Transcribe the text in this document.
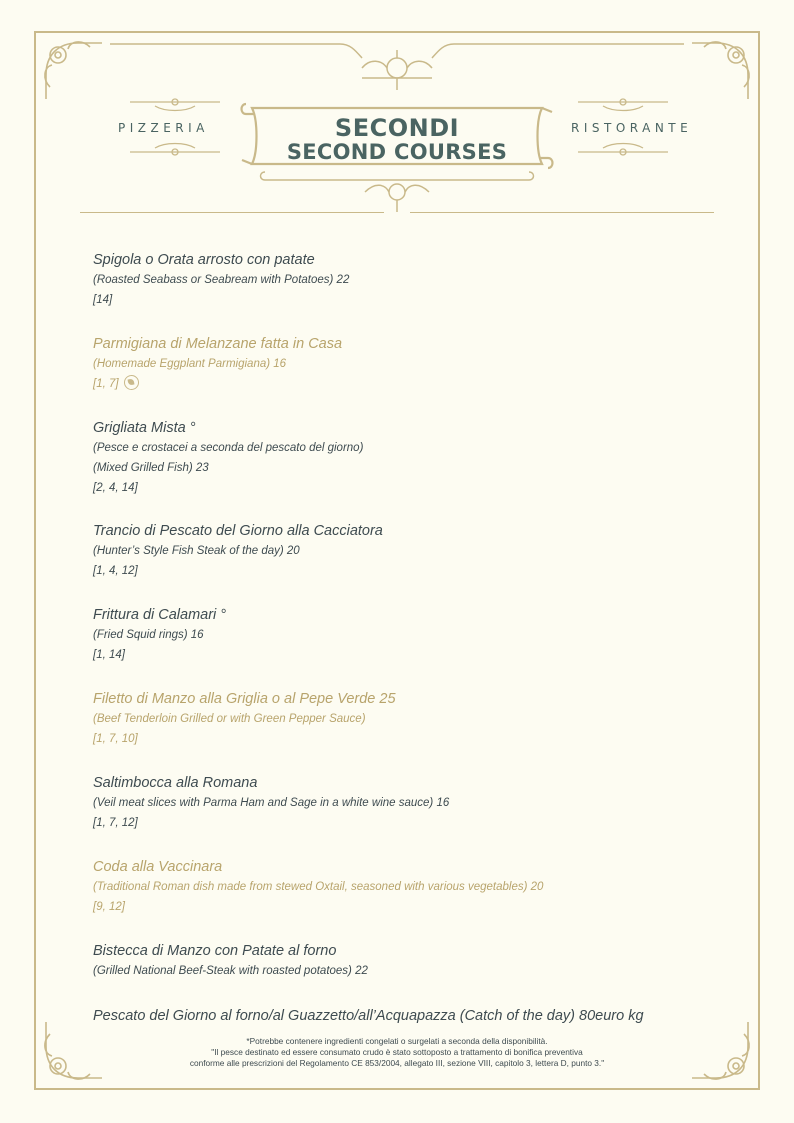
PIZZERIA	RISTORANTE
SECONDI
SECOND COURSES
Spigola o Orata arrosto con patate
(Roasted Seabass or Seabream with Potatoes) 22
[14]
Parmigiana di Melanzane fatta in Casa
(Homemade Eggplant Parmigiana) 16
[1, 7]
Grigliata Mista °
(Pesce e crostacei a seconda del pescato del giorno)
(Mixed Grilled Fish) 23
[2, 4, 14]
Trancio di Pescato del Giorno alla Cacciatora
(Hunter’s Style Fish Steak of the day) 20
[1, 4, 12]
Frittura di Calamari °
(Fried Squid rings) 16
[1, 14]
Filetto di Manzo alla Griglia o al Pepe Verde 25
(Beef Tenderloin Grilled or with Green Pepper Sauce)
[1, 7, 10]
Saltimbocca alla Romana
(Veil meat slices with Parma Ham and Sage in a white wine sauce) 16
[1, 7, 12]
Coda alla Vaccinara
(Traditional Roman dish made from stewed Oxtail, seasoned with various vegetables) 20
[9, 12]
Bistecca di Manzo con Patate al forno
(Grilled National Beef-Steak with roasted potatoes) 22
Pescato del Giorno al forno/al Guazzetto/all’Acquapazza (Catch of the day) 80euro kg
*Potrebbe contenere ingredienti congelati o surgelati a seconda della disponibilità.
"Il pesce destinato ed essere consumato crudo è stato sottoposto a trattamento di bonifica preventiva
conforme alle prescrizioni del Regolamento CE 853/2004, allegato III, sezione VIII, capitolo 3, lettera D, punto 3."
